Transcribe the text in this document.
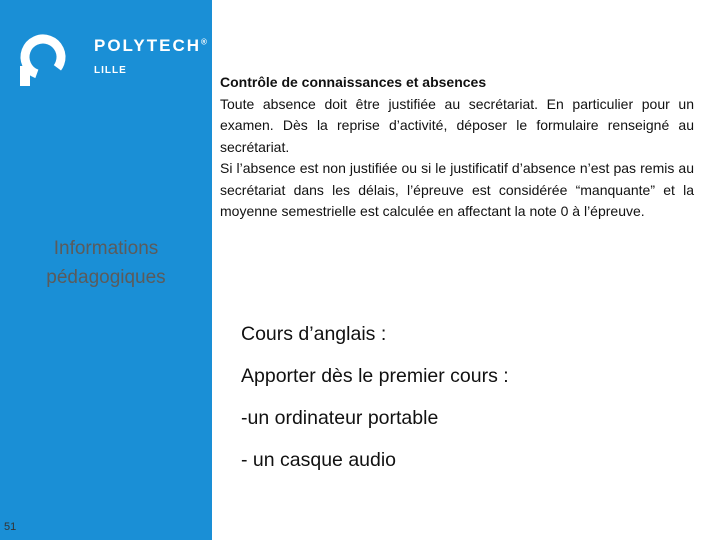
POLYTECH®
LILLE
Informations
pédagogiques
51
Contrôle de connaissances et absences
Toute absence doit être justifiée au secrétariat. En particulier pour un examen. Dès la reprise d’activité, déposer le formulaire renseigné au secrétariat.
Si l’absence est non justifiée ou si le justificatif d’absence n’est pas remis au secrétariat dans les délais, l’épreuve est considérée “manquante” et la moyenne semestrielle est calculée en affectant la note 0 à l’épreuve.
Cours d’anglais :
Apporter dès le premier cours :
-un ordinateur portable
- un casque audio
